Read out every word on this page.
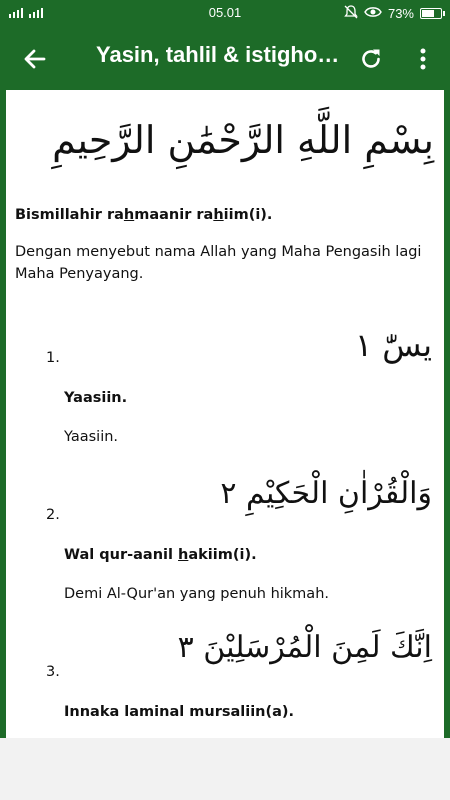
05.01	73%
Yasin, tahlil & istigho…
بِسْمِ اللَّهِ الرَّحْمَٰنِ الرَّحِيمِ
Bismillahir rahmaanir rahiim(i).
Dengan menyebut nama Allah yang Maha Pengasih lagi Maha Penyayang.
يسّٰ ١
1.
Yaasiin.
Yaasiin.
وَالْقُرْاٰنِ الْحَكِيْمِ ٢
2.
Wal qur-aanil hakiim(i).
Demi Al-Qur'an yang penuh hikmah.
اِنَّكَ لَمِنَ الْمُرْسَلِيْنَ ٣
3.
Innaka laminal mursaliin(a).
